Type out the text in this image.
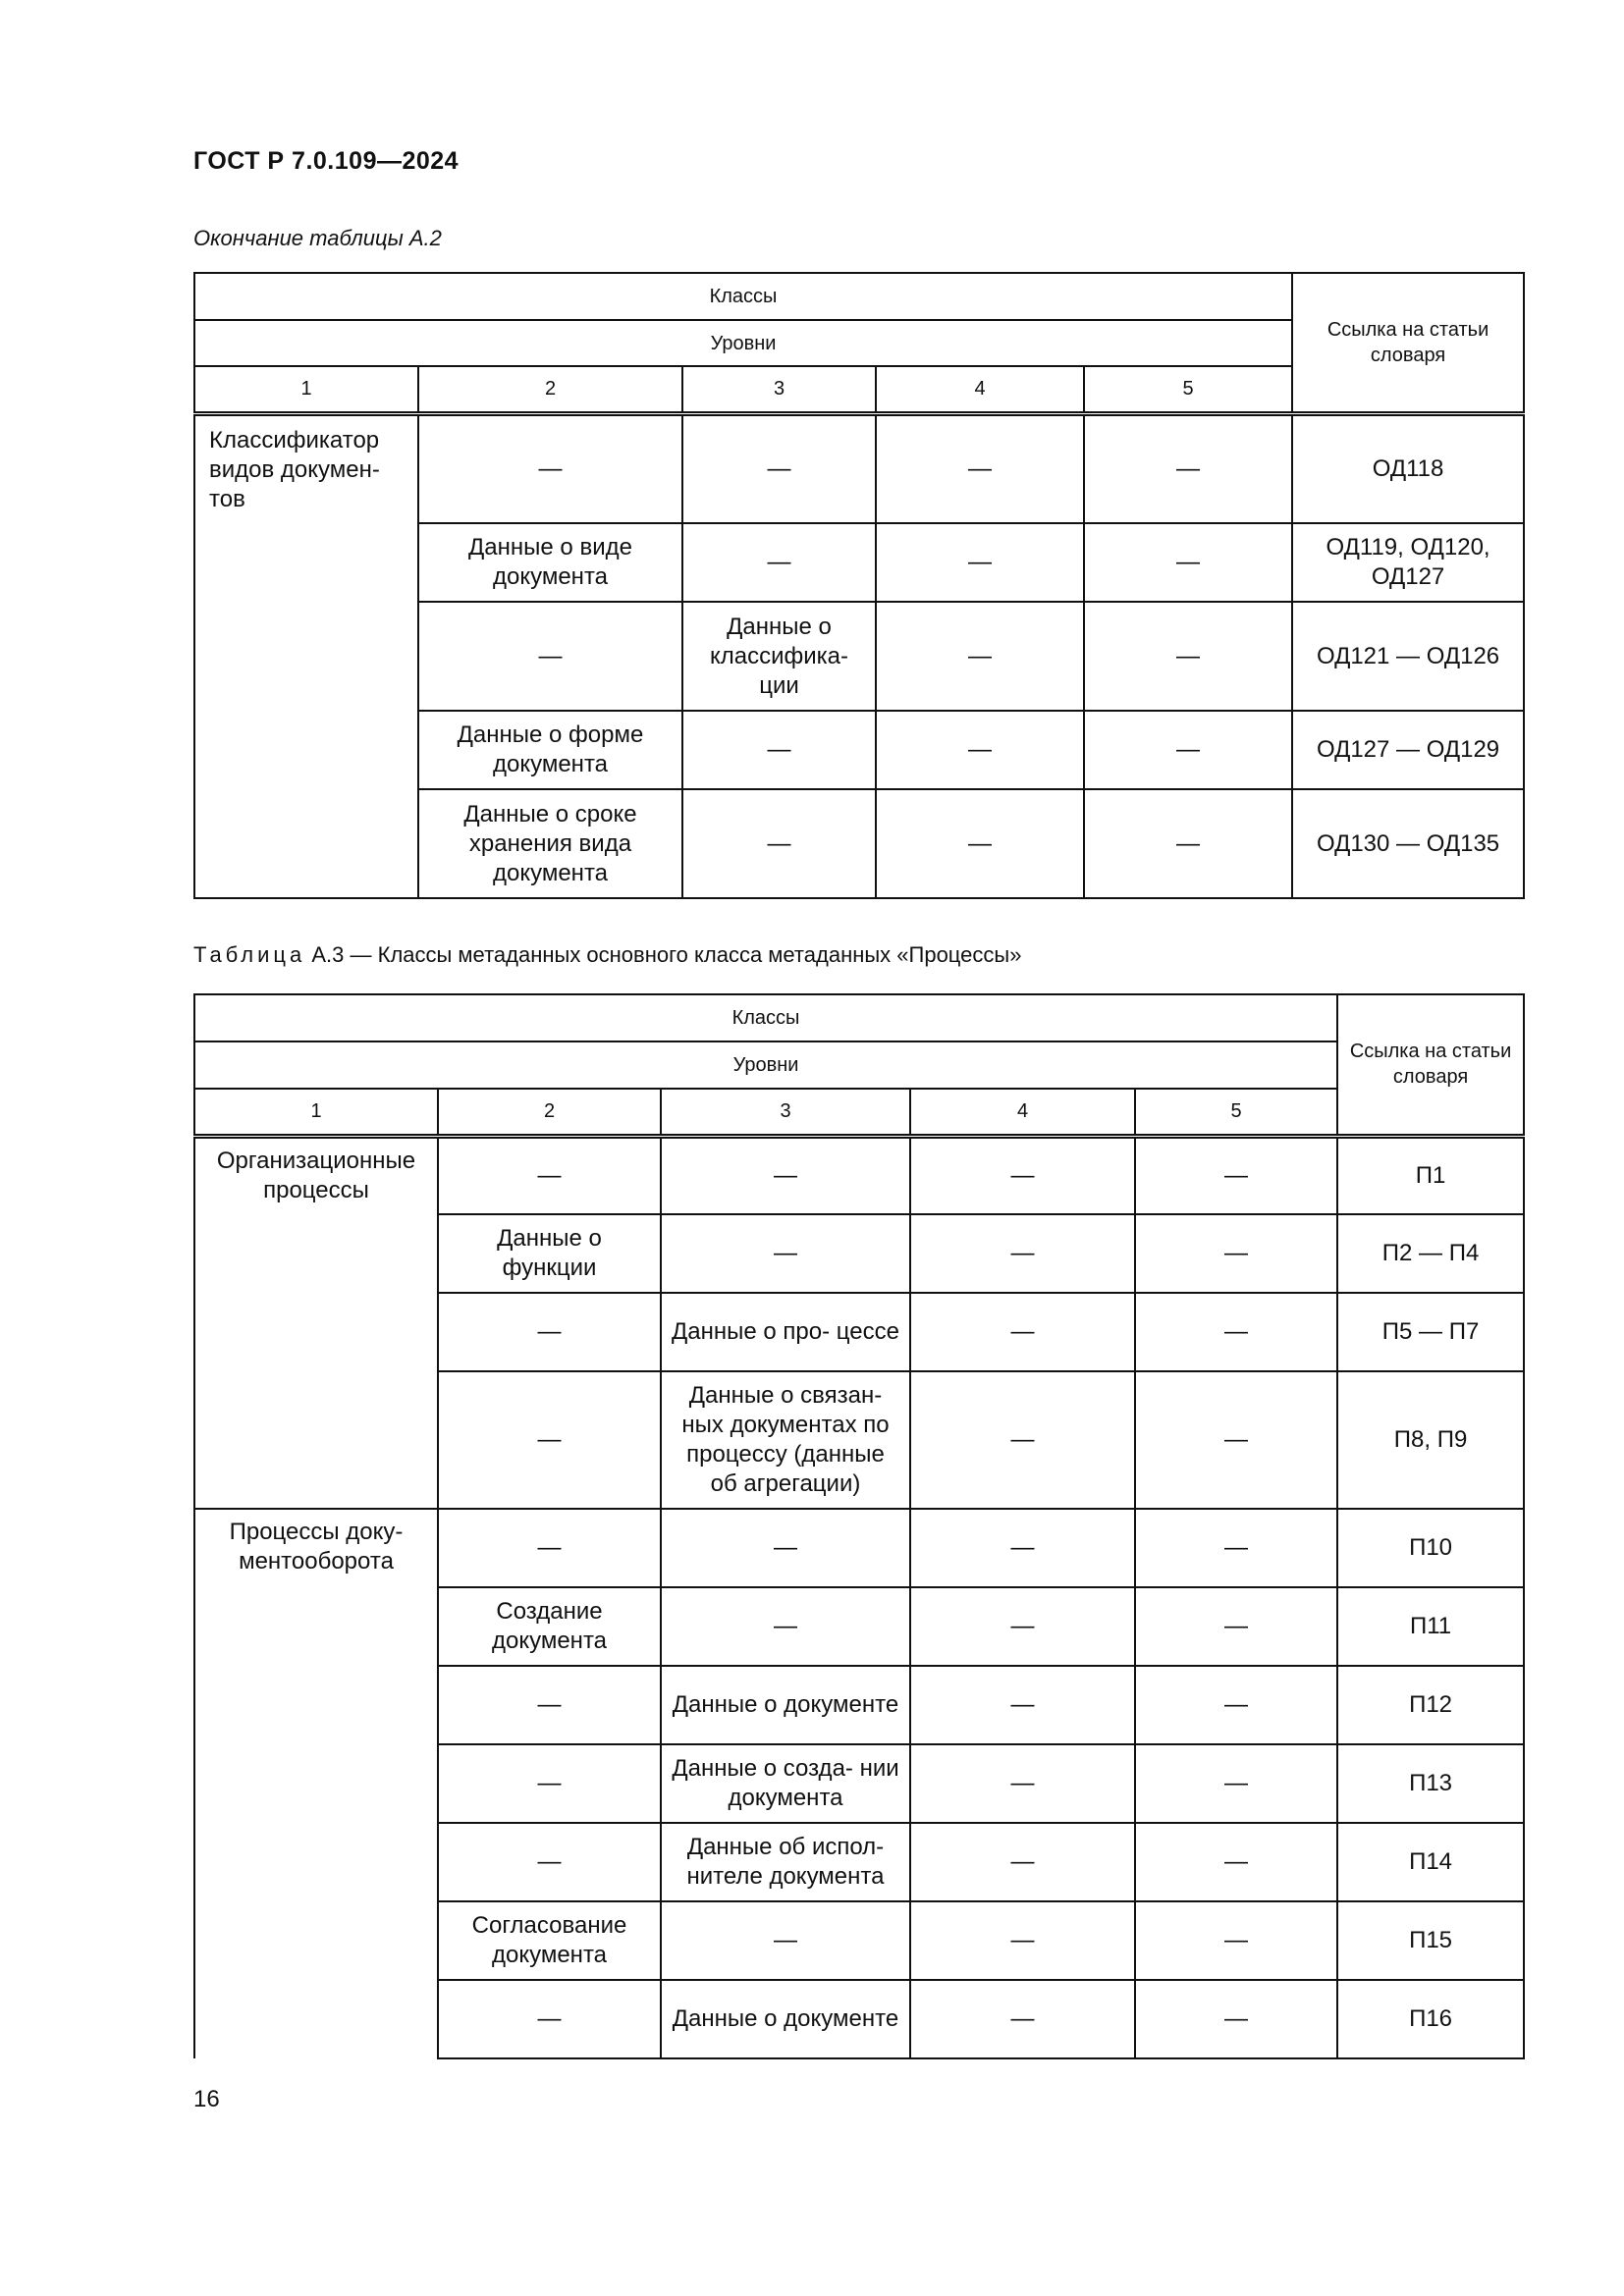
ГОСТ Р 7.0.109—2024
Окончание таблицы А.2
Классы					Ссылка на статьи словаря
Уровни					
1	2	3	4	5	
Классификатор видов докумен- тов	—	—	—	—	ОД118
	Данные о виде документа	—	—	—	ОД119, ОД120, ОД127
	—	Данные о классифика- ции	—	—	ОД121 — ОД126
	Данные о форме документа	—	—	—	ОД127 — ОД129
	Данные о сроке хранения вида документа	—	—	—	ОД130 — ОД135
Таблица А.3 — Классы метаданных основного класса метаданных «Процессы»
Классы					Ссылка на статьи словаря
Уровни					
1	2	3	4	5	
Организационные процессы	—	—	—	—	П1
	Данные о функции	—	—	—	П2 — П4
	—	Данные о про- цессе	—	—	П5 — П7
	—	Данные о связан- ных документах по процессу (данные об агрегации)	—	—	П8, П9
Процессы доку- ментооборота	—	—	—	—	П10
	Создание документа	—	—	—	П11
	—	Данные о документе	—	—	П12
	—	Данные о созда- нии документа	—	—	П13
	—	Данные об испол- нителе документа	—	—	П14
	Согласование документа	—	—	—	П15
	—	Данные о документе	—	—	П16
16
